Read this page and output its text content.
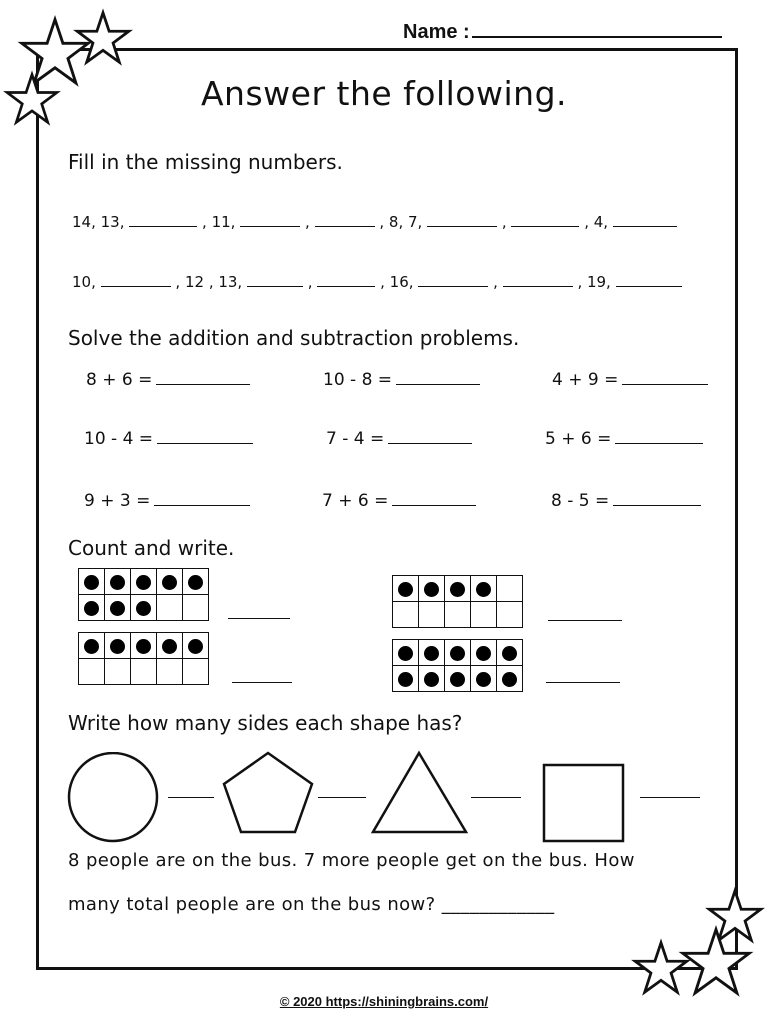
Name :
Answer the following.
Fill in the missing numbers.
14, 13,	, 11,	,	, 8, 7,	,	, 4,
10,	, 12 , 13,	,	, 16,	,	, 19,
Solve the addition and subtraction problems.
8 + 6 =	10 - 8 =	4 + 9 =
10 - 4 =	7 - 4 =	5 + 6 =
9 + 3 =	7 + 6 =	8 - 5 =
Count and write.

Write how many sides each shape has?
8 people are on the bus. 7 more people get on the bus. How
many total people are on the bus now? ____________
© 2020 https://shiningbrains.com/
